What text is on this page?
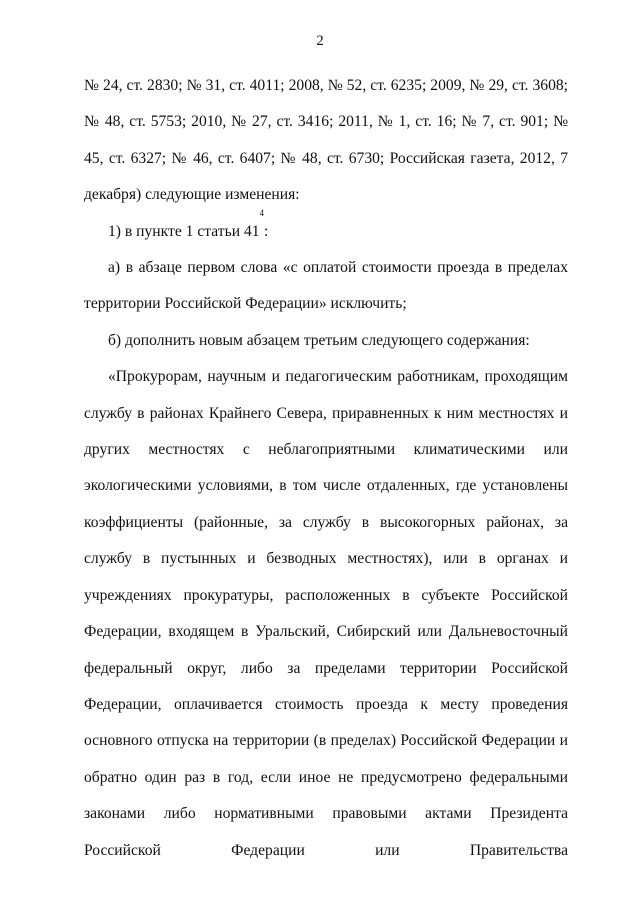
2

№ 24, ст. 2830; № 31, ст. 4011; 2008, № 52, ст. 6235; 2009, № 29, ст. 3608; № 48, ст. 5753; 2010, № 27, ст. 3416; 2011, № 1, ст. 16; № 7, ст. 901; № 45, ст. 6327; № 46, ст. 6407; № 48, ст. 6730; Российская газета, 2012, 7 декабря) следующие изменения:

1) в пункте 1 статьи $41^4$:

а) в абзаце первом слова «с оплатой стоимости проезда в пределах территории Российской Федерации» исключить;

б) дополнить новым абзацем третьим следующего содержания:

«Прокурорам, научным и педагогическим работникам, проходящим службу в районах Крайнего Севера, приравненных к ним местностях и других местностях с неблагоприятными климатическими или экологическими условиями, в том числе отдаленных, где установлены коэффициенты (районные, за службу в высокогорных районах, за службу в пустынных и безводных местностях), или в органах и учреждениях прокуратуры, расположенных в субъекте Российской Федерации, входящем в Уральский, Сибирский или Дальневосточный федеральный округ, либо за пределами территории Российской Федерации, оплачивается стоимость проезда к месту проведения основного отпуска на территории (в пределах) Российской Федерации и обратно один раз в год, если иное не предусмотрено федеральными законами либо нормативными правовыми актами Президента Российской Федерации или Правительства
